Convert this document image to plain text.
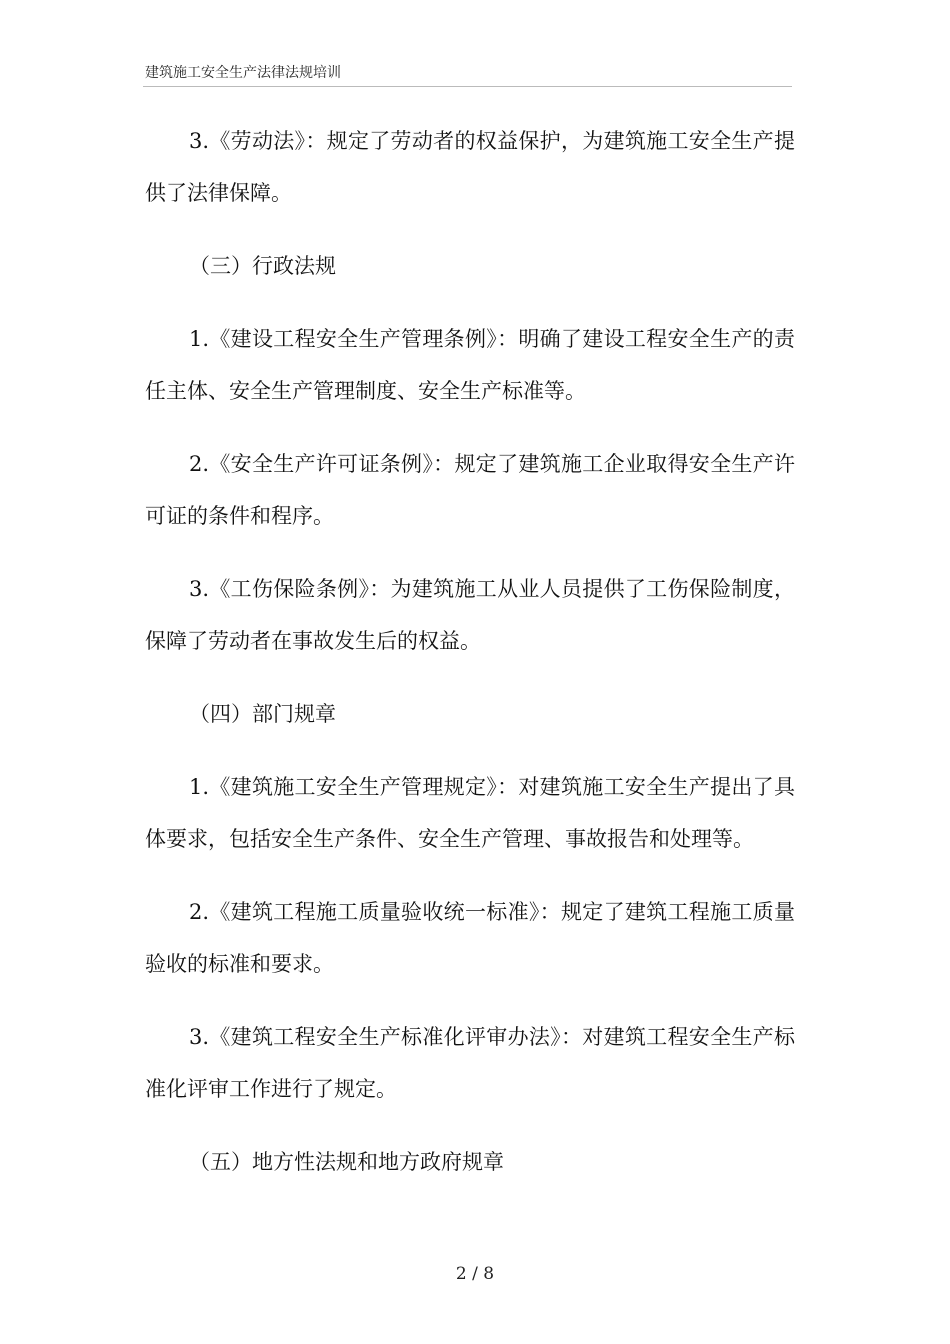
建筑施工安全生产法律法规培训

3.《劳动法》：规定了劳动者的权益保护，为建筑施工安全生产提供了法律保障。

（三）行政法规

1.《建设工程安全生产管理条例》：明确了建设工程安全生产的责任主体、安全生产管理制度、安全生产标准等。

2.《安全生产许可证条例》：规定了建筑施工企业取得安全生产许可证的条件和程序。

3.《工伤保险条例》：为建筑施工从业人员提供了工伤保险制度，保障了劳动者在事故发生后的权益。

（四）部门规章

1.《建筑施工安全生产管理规定》：对建筑施工安全生产提出了具体要求，包括安全生产条件、安全生产管理、事故报告和处理等。

2.《建筑工程施工质量验收统一标准》：规定了建筑工程施工质量验收的标准和要求。

3.《建筑工程安全生产标准化评审办法》：对建筑工程安全生产标准化评审工作进行了规定。

（五）地方性法规和地方政府规章

2 / 8
